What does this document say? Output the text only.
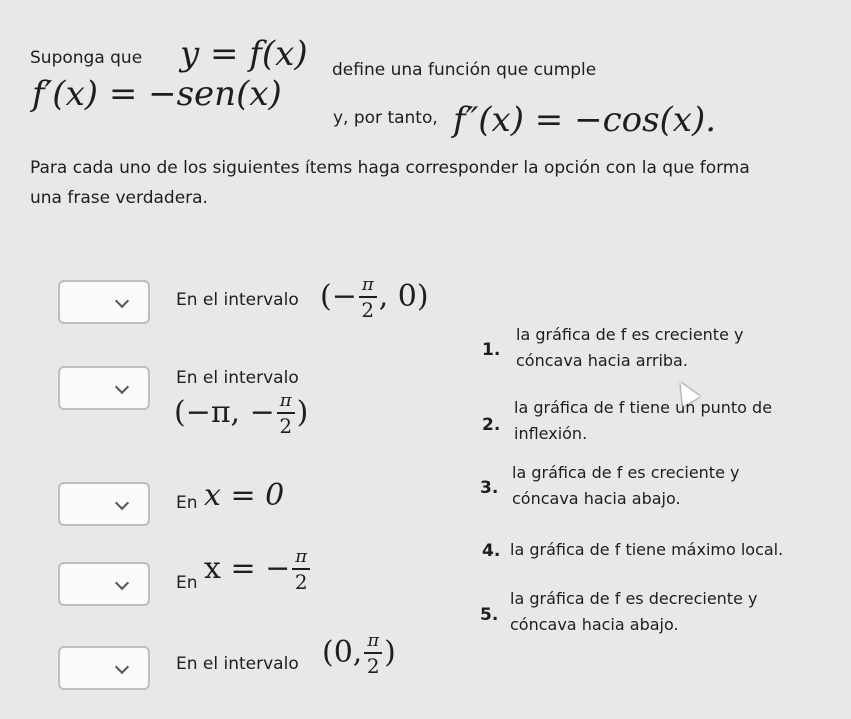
Suponga que y = f(x) define una función que cumple
f′(x) = −sen(x)
y, por tanto, f″(x) = −cos(x).
Para cada uno de los siguientes ítems haga corresponder la opción con la que forma
una frase verdadera.
En el intervalo (− $\frac{\pi}{2}$ , 0)
En el intervalo
(−π, − $\frac{\pi}{2}$ )
En x = 0
En x = − $\frac{\pi}{2}$
En el intervalo (0, $\frac{\pi}{2}$ )
1.
la gráfica de f es creciente y cóncava hacia arriba.
2.
la gráfica de f tiene un punto de inflexión.
3.
la gráfica de f es creciente y cóncava hacia abajo.
4. la gráfica de f tiene máximo local.
5.
la gráfica de f es decreciente y cóncava hacia abajo.
